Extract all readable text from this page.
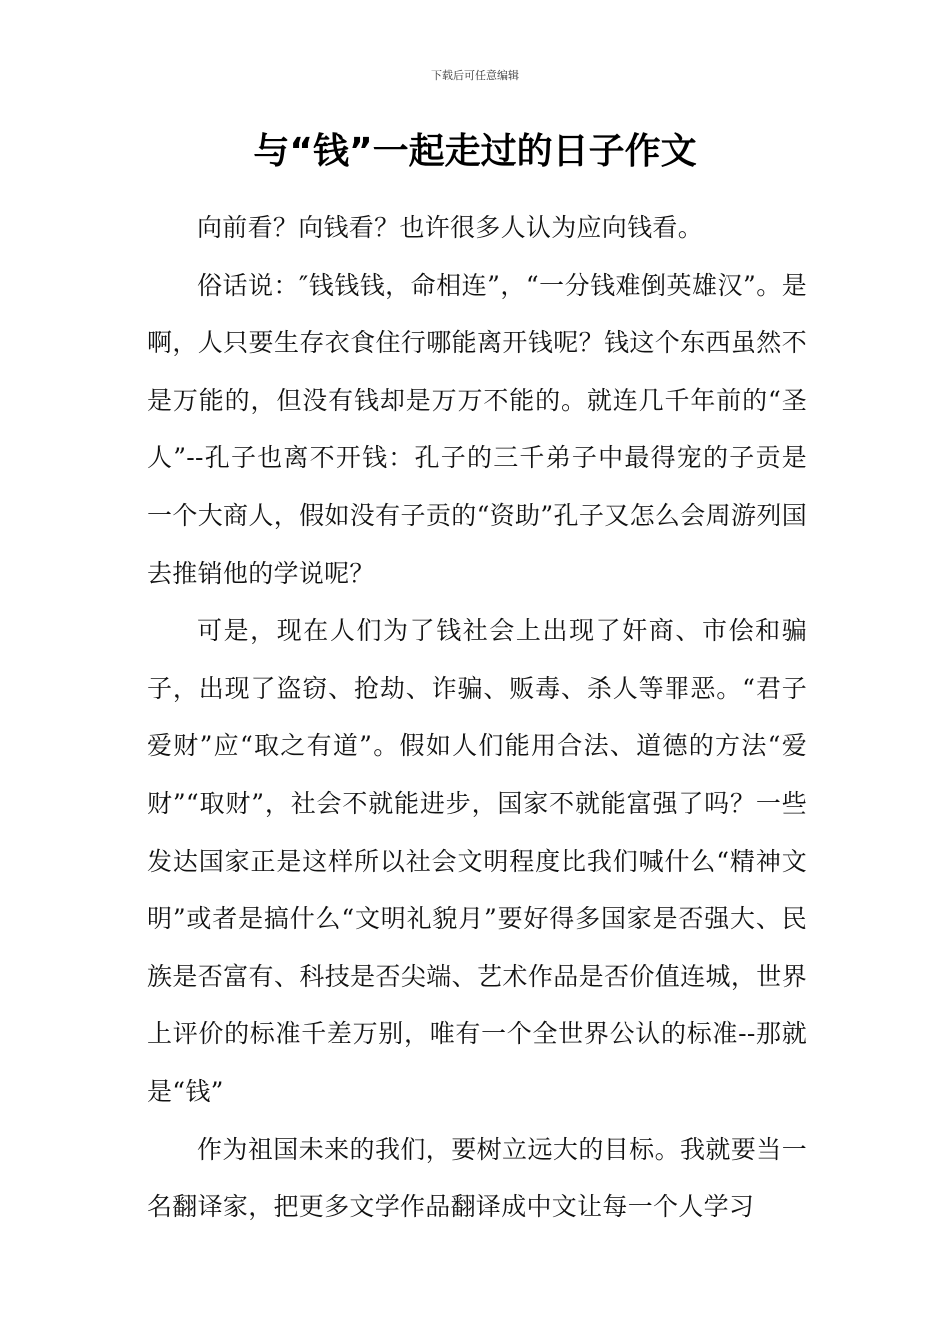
下载后可任意编辑
与“钱”一起走过的日子作文

向前看？向钱看？也许很多人认为应向钱看。

俗话说：″钱钱钱，命相连”，“一分钱难倒英雄汉”。是啊，人只要生存衣食住行哪能离开钱呢？钱这个东西虽然不是万能的，但没有钱却是万万不能的。就连几千年前的“圣人”--孔子也离不开钱：孔子的三千弟子中最得宠的子贡是一个大商人，假如没有子贡的“资助”孔子又怎么会周游列国去推销他的学说呢？

可是，现在人们为了钱社会上出现了奸商、市侩和骗子，出现了盗窃、抢劫、诈骗、贩毒、杀人等罪恶。“君子爱财”应“取之有道”。假如人们能用合法、道德的方法“爱财”“取财”，社会不就能进步，国家不就能富强了吗？一些发达国家正是这样所以社会文明程度比我们喊什么“精神文明”或者是搞什么“文明礼貌月”要好得多国家是否强大、民族是否富有、科技是否尖端、艺术作品是否价值连城，世界上评价的标准千差万别，唯有一个全世界公认的标准--那就是“钱”

作为祖国未来的我们，要树立远大的目标。我就要当一名翻译家，把更多文学作品翻译成中文让每一个人学习
